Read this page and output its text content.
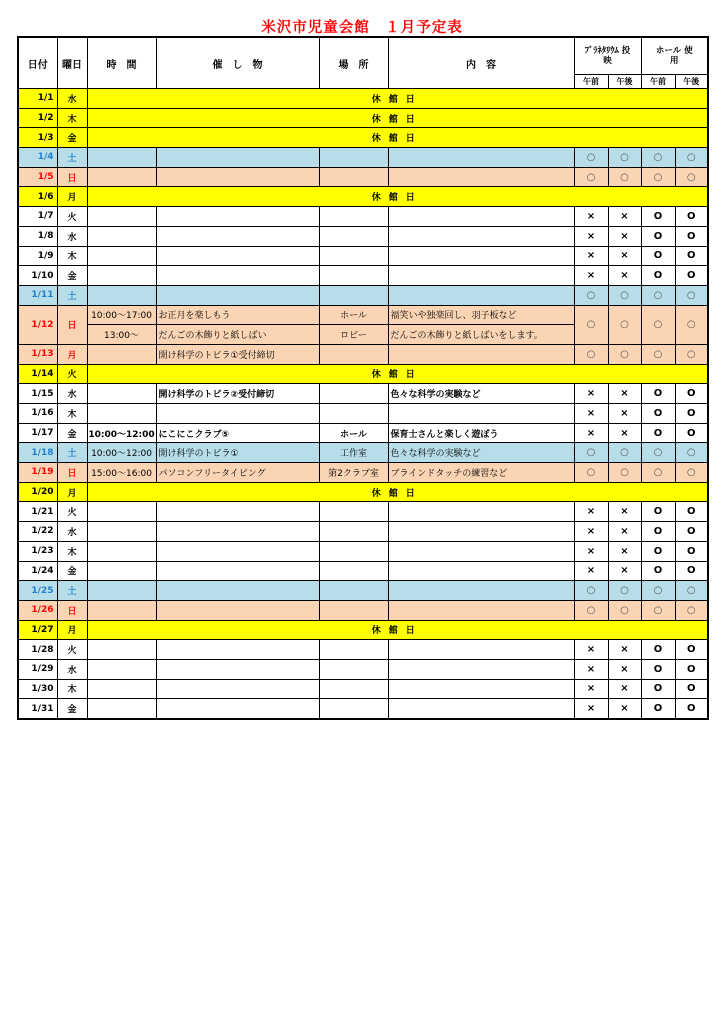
米沢市児童会館　１月予定表
日付	曜日	時　間	催　し　物	場　所	内　容	ﾌﾟﾗﾈﾀﾘｳﾑ 投映		ホール 使用	

						午前	午後	午前	午後
1/1	水	休館日							
1/2	木	休館日							
1/3	金	休館日							
1/4	土					○	○	○	○
1/5	日					○	○	○	○
1/6	月	休館日							
1/7	火					×	×	O	O
1/8	水					×	×	O	O
1/9	木					×	×	O	O
1/10	金					×	×	O	O
1/11	土					○	○	○	○
1/12	日	10:00～17:00	お正月を楽しもう	ホール	福笑いや独楽回し、羽子板など	○	○	○	○
		13:00～	だんごの木飾りと紙しばい	ロビー	だんごの木飾りと紙しばいをします。				
1/13	月		開け科学のトビラ①受付締切			○	○	○	○
1/14	火	休館日							
1/15	水		開け科学のトビラ②受付締切		色々な科学の実験など	×	×	O	O
1/16	木					×	×	O	O
1/17	金	10:00～12:00	にこにこクラブ⑤	ホール	保育士さんと楽しく遊ぼう	×	×	O	O
1/18	土	10:00～12:00	開け科学のトビラ①	工作室	色々な科学の実験など	○	○	○	○
1/19	日	15:00～16:00	パソコンフリータイピング	第2クラブ室	ブラインドタッチの練習など	○	○	○	○
1/20	月	休館日							
1/21	火					×	×	O	O
1/22	水					×	×	O	O
1/23	木					×	×	O	O
1/24	金					×	×	O	O
1/25	土					○	○	○	○
1/26	日					○	○	○	○
1/27	月	休館日							
1/28	火					×	×	O	O
1/29	水					×	×	O	O
1/30	木					×	×	O	O
1/31	金					×	×	O	O
